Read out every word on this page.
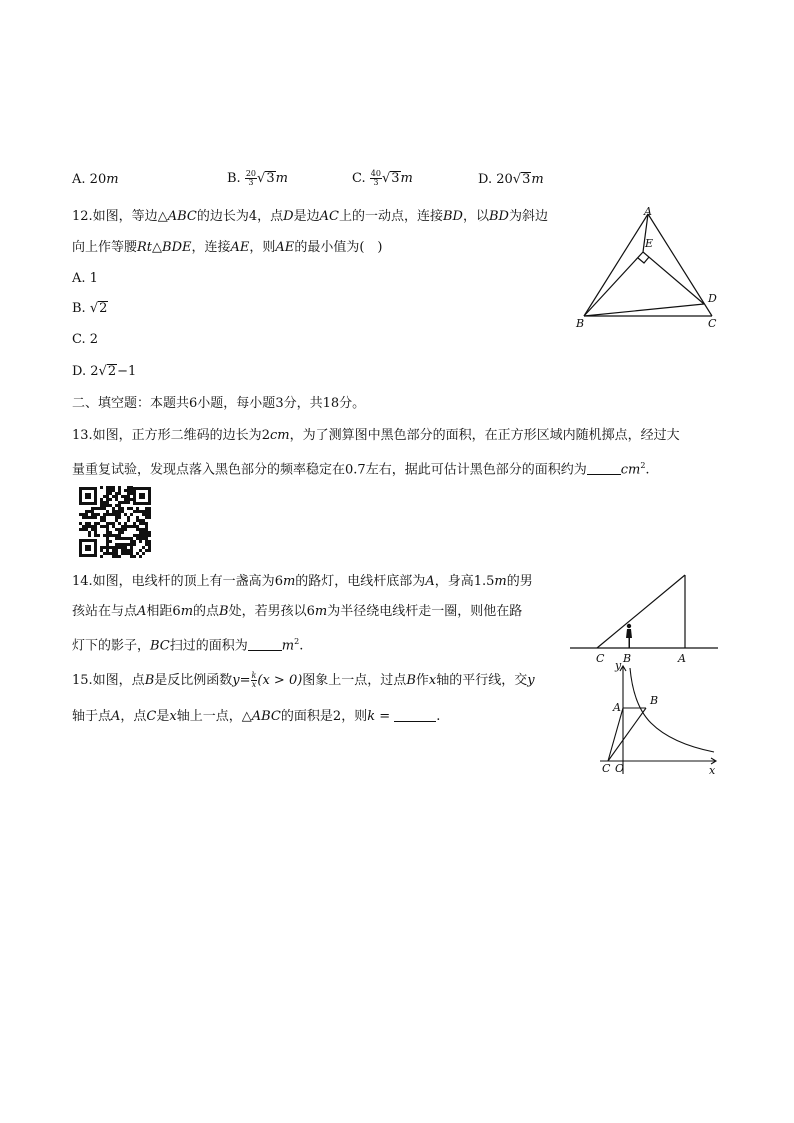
A. 20m	B. $\frac{20}{3} √3m$	C. $\frac{40}{3} √3m$	D. 20√3m
12.如图，等边△ABC的边长为4，点D是边AC上的一动点，连接BD，以BD为斜边
向上作等腰Rt△BDE，连接AE，则AE的最小值为(　)
A. 1
B. √2
C. 2
D. 2√2−1
A
B	C
D
E
二、填空题：本题共6小题，每小题3分，共18分。
13.如图，正方形二维码的边长为2cm，为了测算图中黑色部分的面积，在正方形区域内随机掷点，经过大
量重复试验，发现点落入黑色部分的频率稳定在0.7左右，据此可估计黑色部分的面积约为	$cm^2$.
14.如图，电线杆的顶上有一盏高为6m的路灯，电线杆底部为A，身高1.5m的男
孩站在与点A相距6m的点B处，若男孩以6m为半径绕电线杆走一圈，则他在路
灯下的影子，BC扫过的面积为	$m^2$.
C B	A
15.如图，点B是反比例函数$y= \frac{k}{x} (x > 0)$图象上一点，过点B作x轴的平行线，交y
轴于点A，点C是x轴上一点，△ABC的面积是2，则k =	.
y
x
A
B
C O
